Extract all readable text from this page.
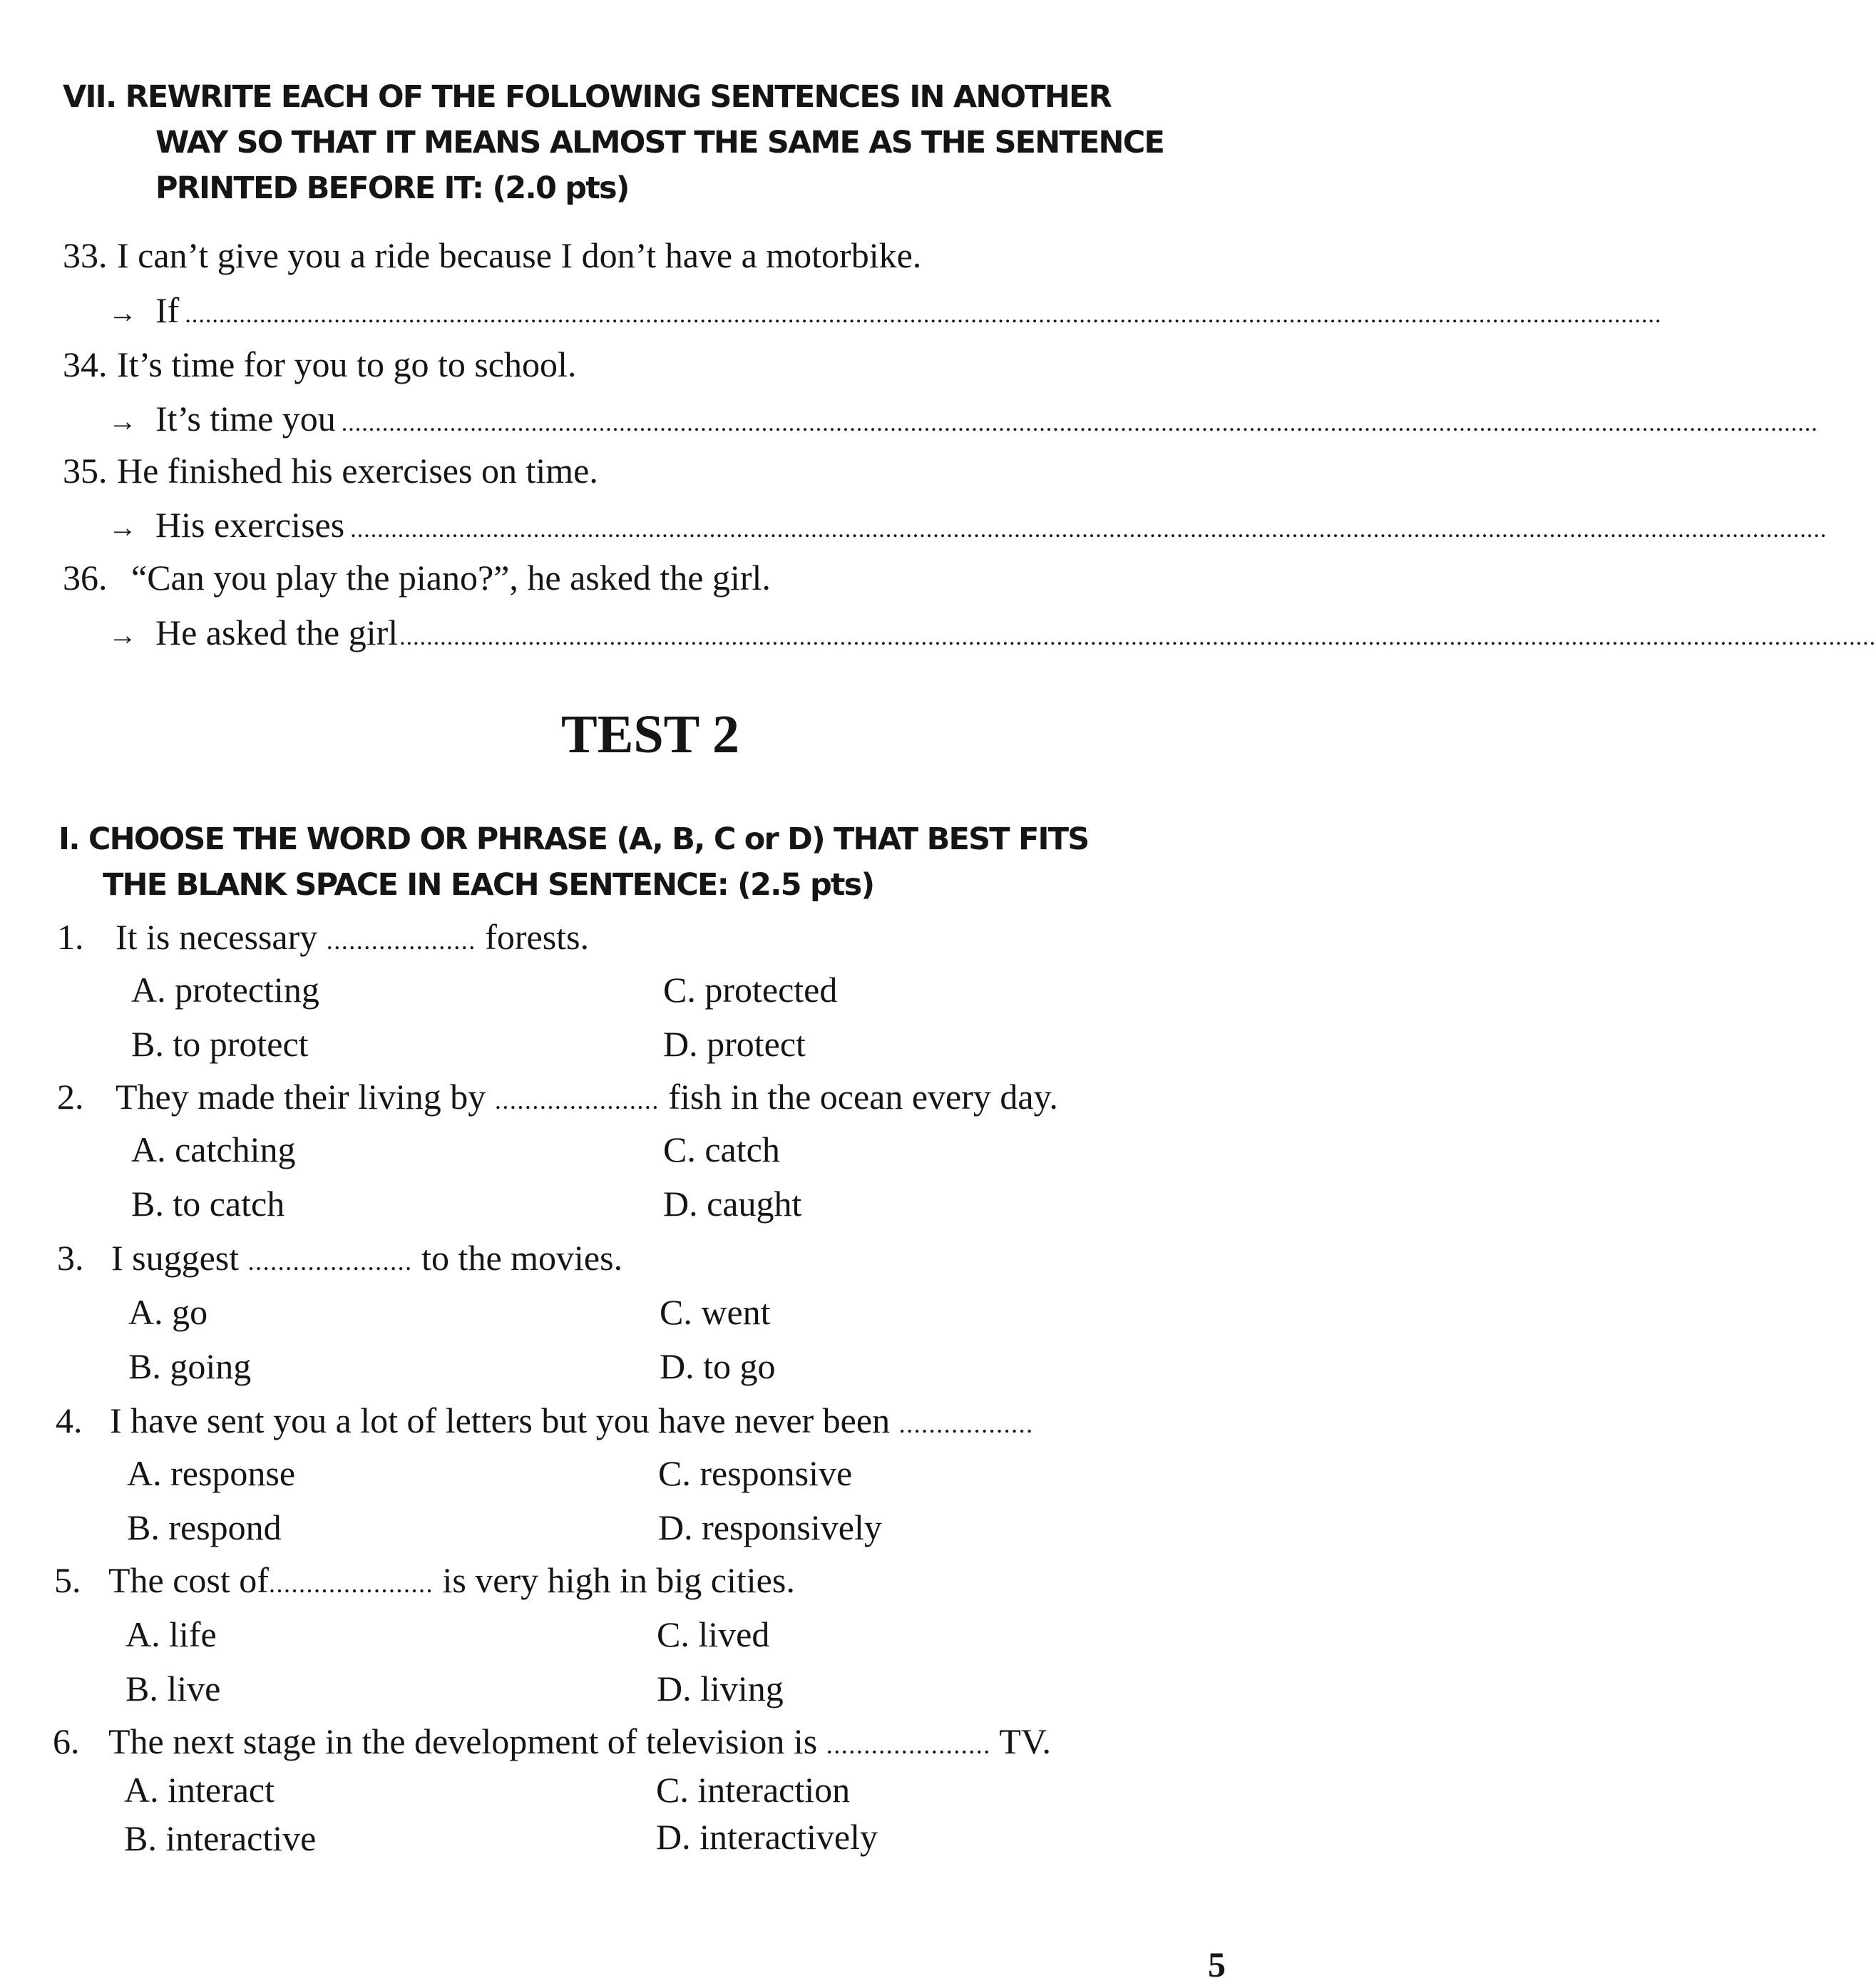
VII. REWRITE EACH OF THE FOLLOWING SENTENCES IN ANOTHER
WAY SO THAT IT MEANS ALMOST THE SAME AS THE SENTENCE
PRINTED BEFORE IT: (2.0 pts)
33. I can’t give you a ride because I don’t have a motorbike.
→ If ..........................................................................................................................................................................................................................
34. It’s time for you to go to school.
→ It’s time you ..........................................................................................................................................................................................................................
35. He finished his exercises on time.
→ His exercises ..........................................................................................................................................................................................................................
36. “Can you play the piano?”, he asked the girl.
→ He asked the girl ..........................................................................................................................................................................................................................
TEST 2
I. CHOOSE THE WORD OR PHRASE (A, B, C or D) THAT BEST FITS
THE BLANK SPACE IN EACH SENTENCE: (2.5 pts)
1. It is necessary .................... forests.
A. protecting	C. protected
B. to protect	D. protect
2. They made their living by ...................... fish in the ocean every day.
A. catching	C. catch
B. to catch	D. caught
3. I suggest ...................... to the movies.
A. go	C. went
B. going	D. to go
4. I have sent you a lot of letters but you have never been ..................
A. response	C. responsive
B. respond	D. responsively
5. The cost of...................... is very high in big cities.
A. life	C. lived
B. live	D. living
6. The next stage in the development of television is ...................... TV.
A. interact	C. interaction
B. interactive	D. interactively
5
